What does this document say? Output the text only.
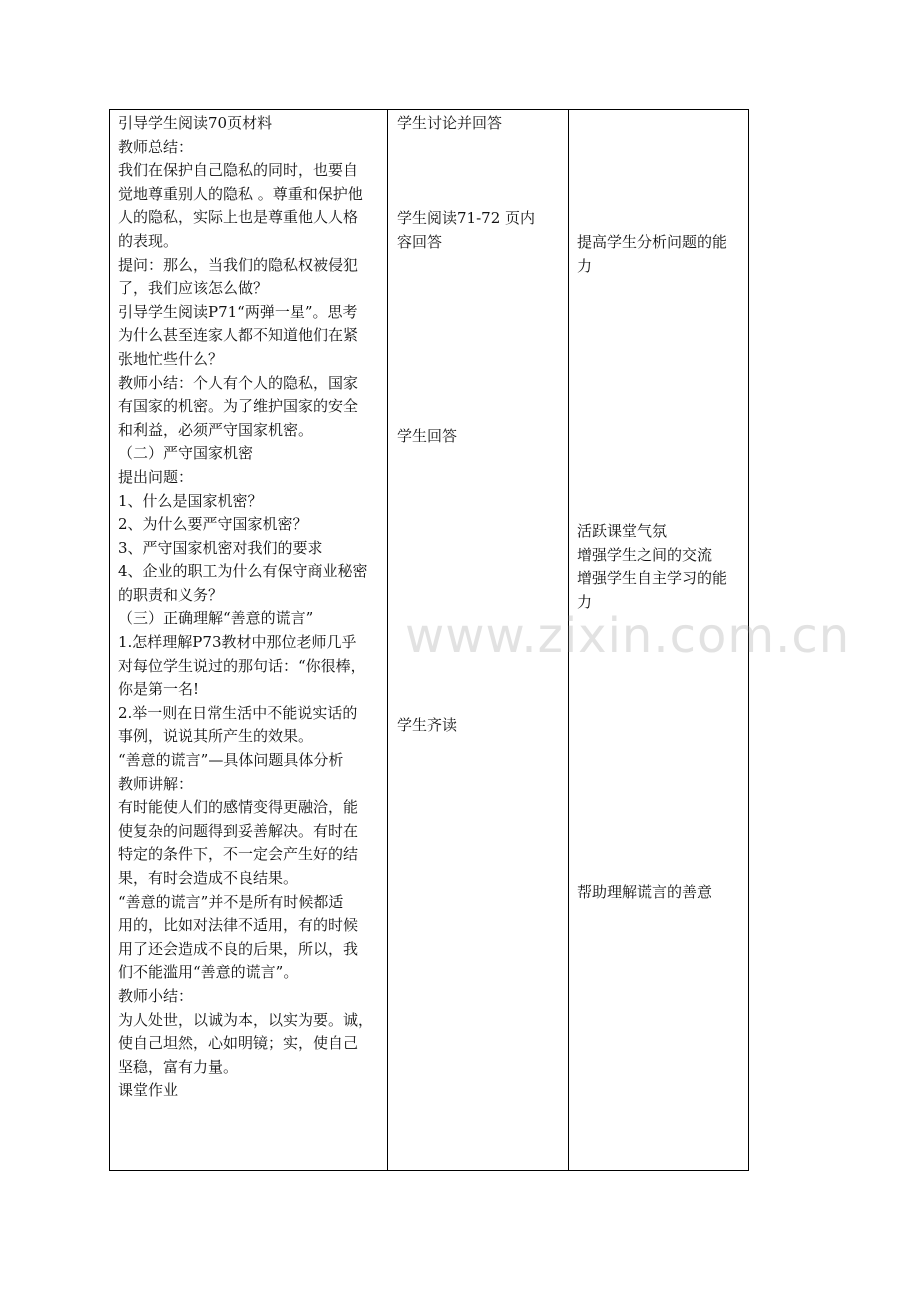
引导学生阅读70页材料
教师总结：
我们在保护自己隐私的同时，也要自
觉地尊重别人的隐私 。尊重和保护他
人的隐私，实际上也是尊重他人人格
的表现。
提问：那么，当我们的隐私权被侵犯
了，我们应该怎么做？
引导学生阅读P71“两弹一星”。思考
为什么甚至连家人都不知道他们在紧
张地忙些什么？
教师小结：个人有个人的隐私，国家
有国家的机密。为了维护国家的安全
和利益，必须严守国家机密。
（二）严守国家机密
提出问题：
1、什么是国家机密？
2、为什么要严守国家机密？
3、严守国家机密对我们的要求
4、企业的职工为什么有保守商业秘密
的职责和义务？
（三）正确理解“善意的谎言”
1.怎样理解P73教材中那位老师几乎
对每位学生说过的那句话：“你很棒，
你是第一名!
2.举一则在日常生活中不能说实话的
事例，说说其所产生的效果。
“善意的谎言”—具体问题具体分析
教师讲解：
有时能使人们的感情变得更融洽，能
使复杂的问题得到妥善解决。有时在
特定的条件下，不一定会产生好的结
果，有时会造成不良结果。
“善意的谎言”并不是所有时候都适
用的，比如对法律不适用，有的时候
用了还会造成不良的后果，所以，我
们不能滥用“善意的谎言”。
教师小结：
为人处世，以诚为本，以实为要。诚，
使自己坦然，心如明镜；实，使自己
坚稳，富有力量。
课堂作业
学生讨论并回答
学生阅读71-72 页内
容回答
学生回答
学生齐读
提高学生分析问题的能
力
活跃课堂气氛
增强学生之间的交流
增强学生自主学习的能
力
帮助理解谎言的善意
www.zixin.com.cn
